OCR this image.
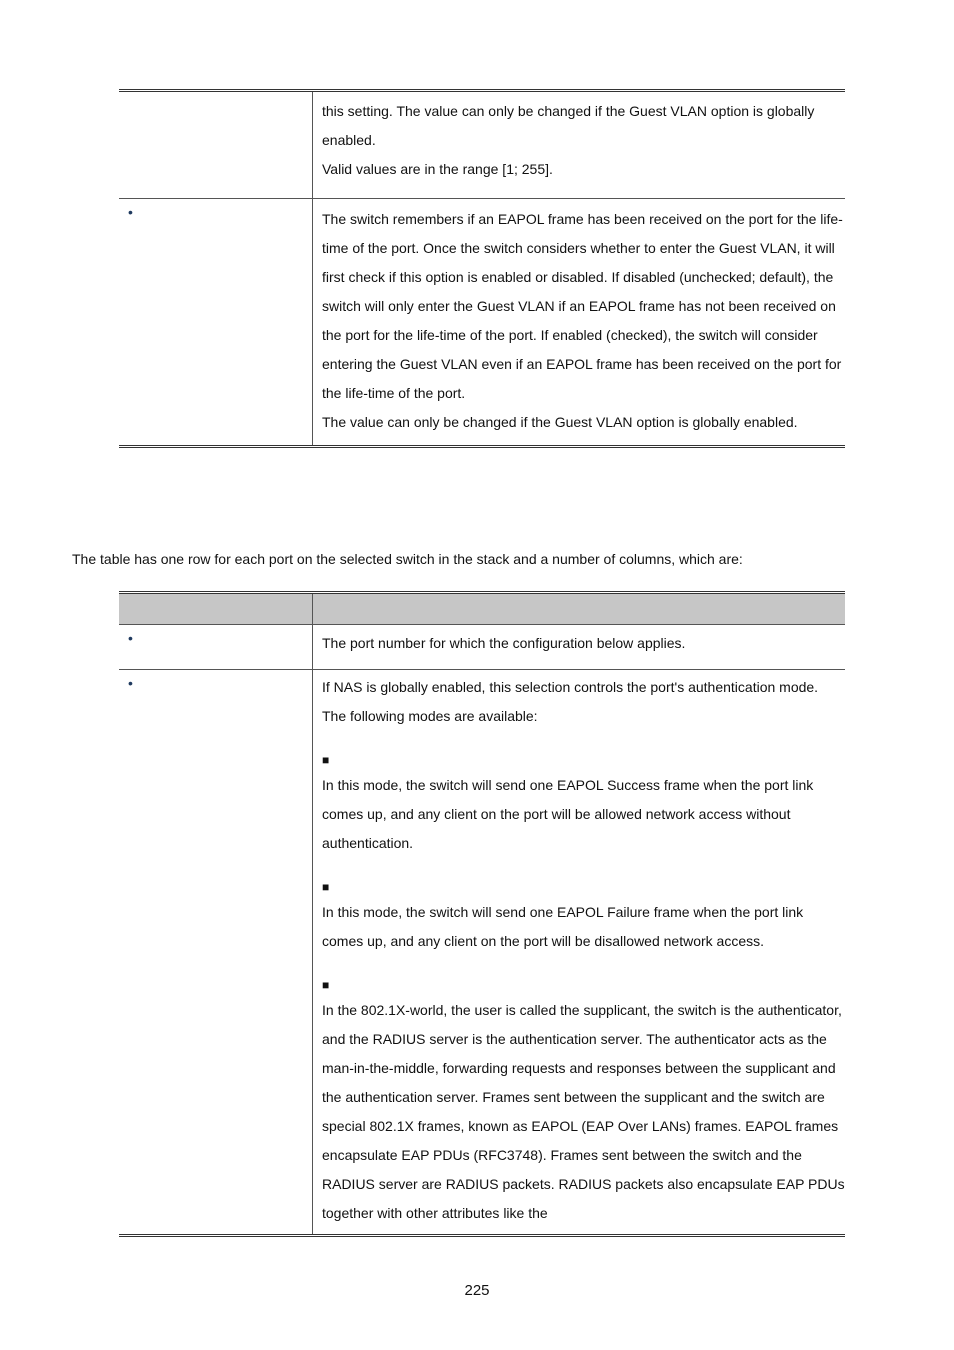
this setting. The value can only be changed if the Guest VLAN option is globally enabled.

Valid values are in the range [1; 255].

•	The switch remembers if an EAPOL frame has been received on the port for the life-time of the port. Once the switch considers whether to enter the Guest VLAN, it will first check if this option is enabled or disabled. If disabled (unchecked; default), the switch will only enter the Guest VLAN if an EAPOL frame has not been received on the port for the life-time of the port. If enabled (checked), the switch will consider entering the Guest VLAN even if an EAPOL frame has been received on the port for the life-time of the port.

The value can only be changed if the Guest VLAN option is globally enabled.

The table has one row for each port on the selected switch in the stack and a number of columns, which are:
•	The port number for which the configuration below applies.

•	If NAS is globally enabled, this selection controls the port's authentication mode. The following modes are available:

■

In this mode, the switch will send one EAPOL Success frame when the port link comes up, and any client on the port will be allowed network access without authentication.

■

In this mode, the switch will send one EAPOL Failure frame when the port link comes up, and any client on the port will be disallowed network access.

■

In the 802.1X-world, the user is called the supplicant, the switch is the authenticator, and the RADIUS server is the authentication server. The authenticator acts as the man-in-the-middle, forwarding requests and responses between the supplicant and the authentication server. Frames sent between the supplicant and the switch are special 802.1X frames, known as EAPOL (EAP Over LANs) frames. EAPOL frames encapsulate EAP PDUs (RFC3748). Frames sent between the switch and the RADIUS server are RADIUS packets. RADIUS packets also encapsulate EAP PDUs together with other attributes like the

225
